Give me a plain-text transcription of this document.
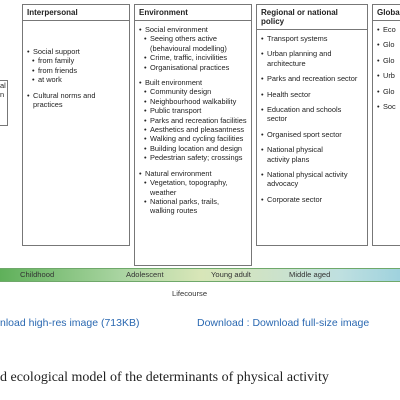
al
n
Interpersonal
• Social support
• from family
• from friends
• at work
• Cultural norms and
practices
Environment
• Social environment
• Seeing others active
(behavioural modelling)
• Crime, traffic, incivilities
• Organisational practices
• Built environment
• Community design
• Neighbourhood walkability
• Public transport
• Parks and recreation facilities
• Aesthetics and pleasantness
• Walking and cycling facilities
• Building location and design
• Pedestrian safety; crossings
• Natural environment
• Vegetation, topography,
weather
• National parks, trails,
walking routes
Regional or national policy
• Transport systems
• Urban planning and
architecture
• Parks and recreation sector
• Health sector
• Education and schools sector
• Organised sport sector
• National physical
activity plans
• National physical activity
advocacy
• Corporate sector
Globa
• Eco
• Glo
• Glo
• Urb
• Glo
• Soc
Childhood	Adolescent	Young adult	Middle aged
Lifecourse
nload high-res image (713KB)	Download : Download full-size image
d ecological model of the determinants of physical activity
